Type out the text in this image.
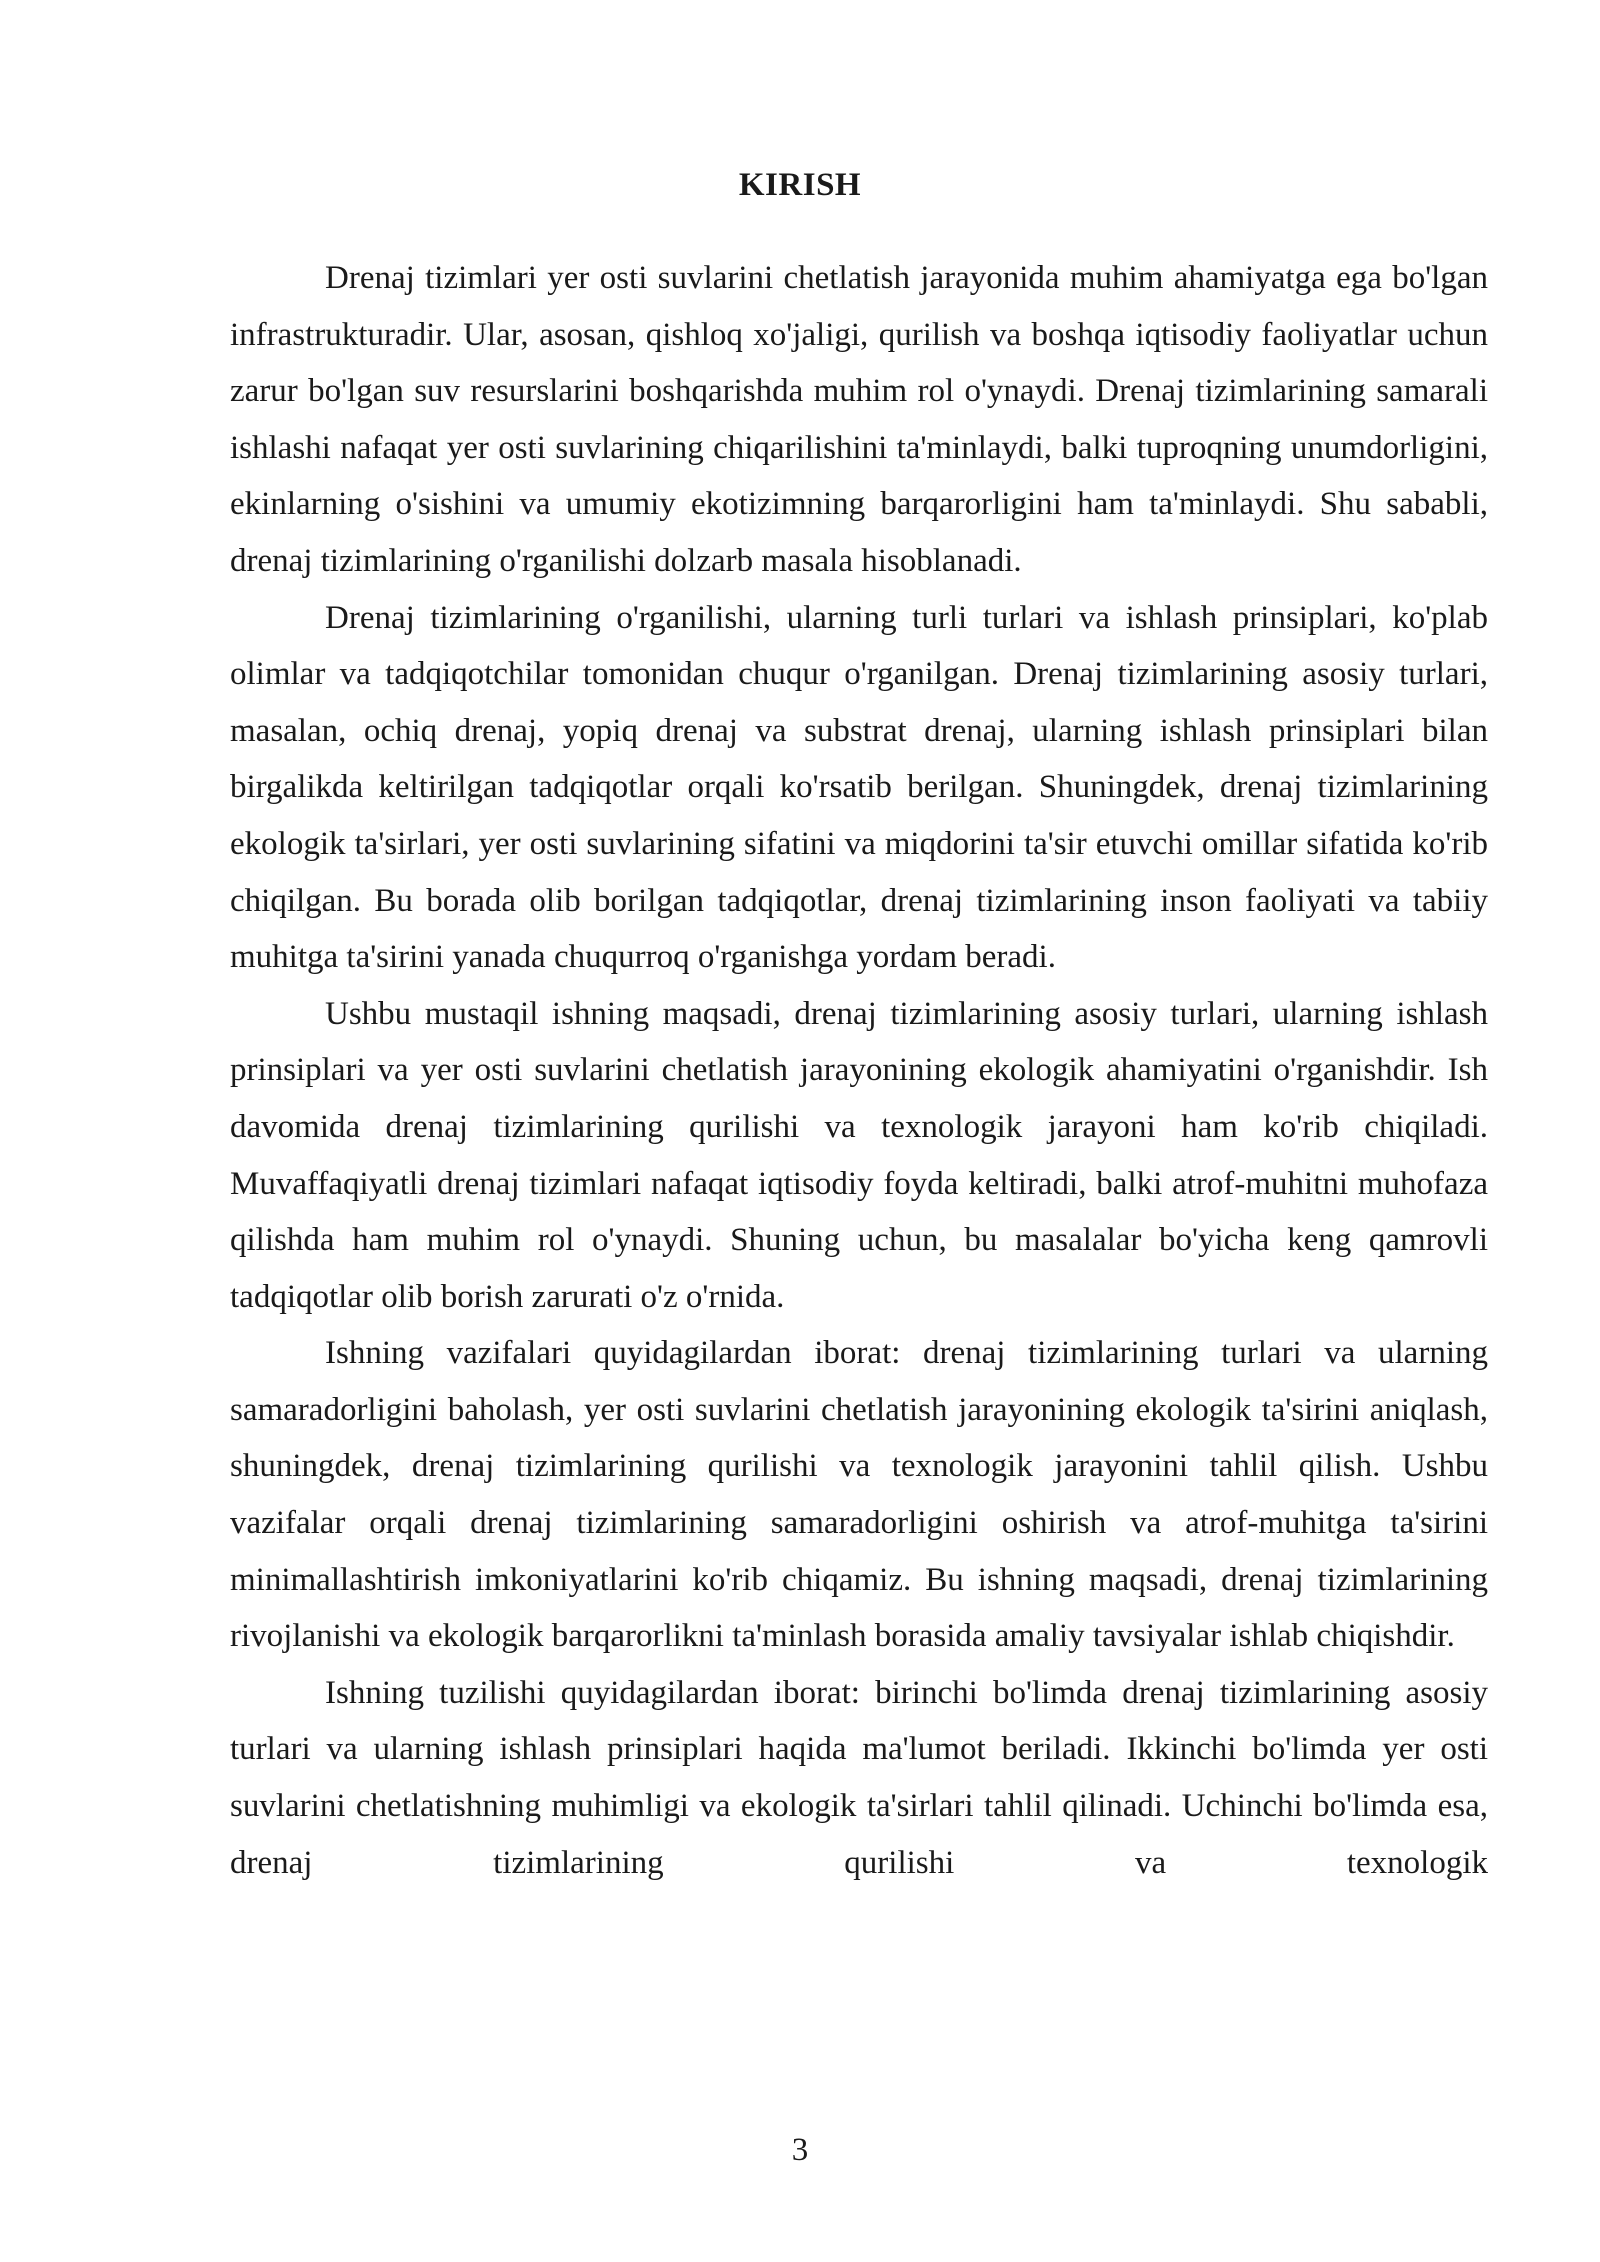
KIRISH

Drenaj tizimlari yer osti suvlarini chetlatish jarayonida muhim ahamiyatga ega bo'lgan infrastrukturadir. Ular, asosan, qishloq xo'jaligi, qurilish va boshqa iqtisodiy faoliyatlar uchun zarur bo'lgan suv resurslarini boshqarishda muhim rol o'ynaydi. Drenaj tizimlarining samarali ishlashi nafaqat yer osti suvlarining chiqarilishini ta'minlaydi, balki tuproqning unumdorligini, ekinlarning o'sishini va umumiy ekotizimning barqarorligini ham ta'minlaydi. Shu sababli, drenaj tizimlarining o'rganilishi dolzarb masala hisoblanadi.

Drenaj tizimlarining o'rganilishi, ularning turli turlari va ishlash prinsiplari, ko'plab olimlar va tadqiqotchilar tomonidan chuqur o'rganilgan. Drenaj tizimlarining asosiy turlari, masalan, ochiq drenaj, yopiq drenaj va substrat drenaj, ularning ishlash prinsiplari bilan birgalikda keltirilgan tadqiqotlar orqali ko'rsatib berilgan. Shuningdek, drenaj tizimlarining ekologik ta'sirlari, yer osti suvlarining sifatini va miqdorini ta'sir etuvchi omillar sifatida ko'rib chiqilgan. Bu borada olib borilgan tadqiqotlar, drenaj tizimlarining inson faoliyati va tabiiy muhitga ta'sirini yanada chuqurroq o'rganishga yordam beradi.

Ushbu mustaqil ishning maqsadi, drenaj tizimlarining asosiy turlari, ularning ishlash prinsiplari va yer osti suvlarini chetlatish jarayonining ekologik ahamiyatini o'rganishdir. Ish davomida drenaj tizimlarining qurilishi va texnologik jarayoni ham ko'rib chiqiladi. Muvaffaqiyatli drenaj tizimlari nafaqat iqtisodiy foyda keltiradi, balki atrof-muhitni muhofaza qilishda ham muhim rol o'ynaydi. Shuning uchun, bu masalalar bo'yicha keng qamrovli tadqiqotlar olib borish zarurati o'z o'rnida.

Ishning vazifalari quyidagilardan iborat: drenaj tizimlarining turlari va ularning samaradorligini baholash, yer osti suvlarini chetlatish jarayonining ekologik ta'sirini aniqlash, shuningdek, drenaj tizimlarining qurilishi va texnologik jarayonini tahlil qilish. Ushbu vazifalar orqali drenaj tizimlarining samaradorligini oshirish va atrof-muhitga ta'sirini minimallashtirish imkoniyatlarini ko'rib chiqamiz. Bu ishning maqsadi, drenaj tizimlarining rivojlanishi va ekologik barqarorlikni ta'minlash borasida amaliy tavsiyalar ishlab chiqishdir.

Ishning tuzilishi quyidagilardan iborat: birinchi bo'limda drenaj tizimlarining asosiy turlari va ularning ishlash prinsiplari haqida ma'lumot beriladi. Ikkinchi bo'limda yer osti suvlarini chetlatishning muhimligi va ekologik ta'sirlari tahlil qilinadi. Uchinchi bo'limda esa, drenaj tizimlarining qurilishi va texnologik

3
